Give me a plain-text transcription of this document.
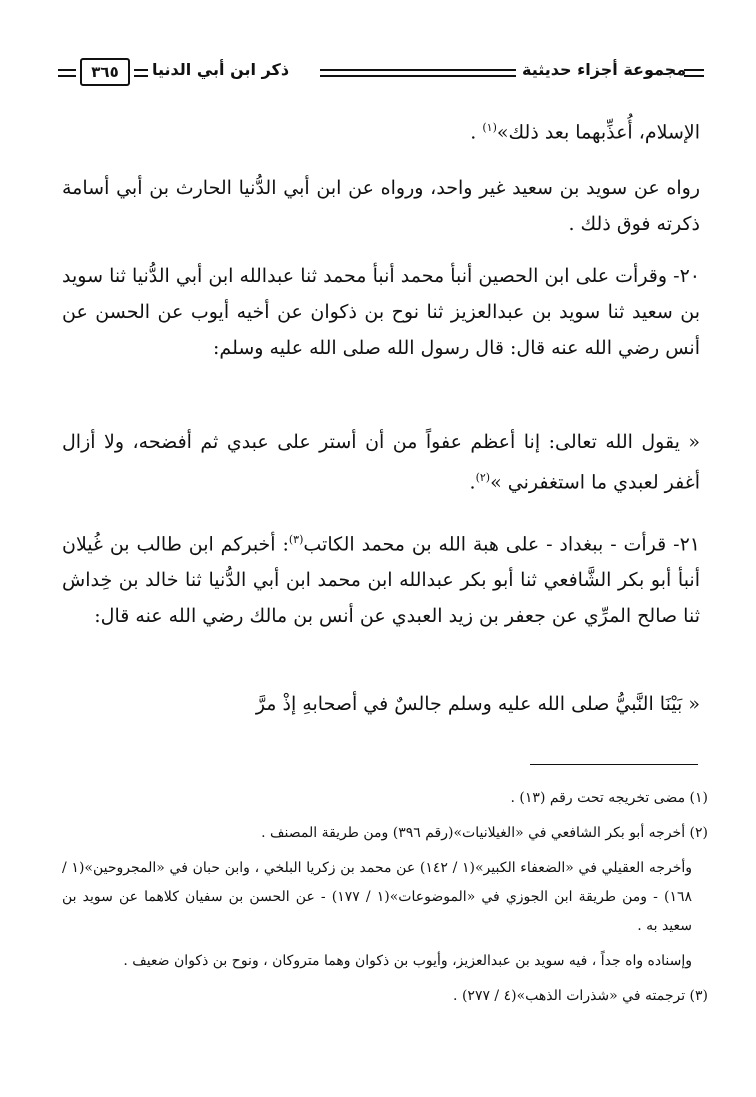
٣٦٥	ذكر ابن أبي الدنيا	مجموعة أجزاء حديثية
الإسلام، أُعذِّبهما بعد ذلك»$^{(١)}$ .
رواه عن سويد بن سعيد غير واحد، ورواه عن ابن أبي الدُّنيا الحارث بن أبي أسامة ذكرته فوق ذلك .
٢٠- وقرأت على ابن الحصين أنبأ محمد أنبأ محمد ثنا عبدالله ابن أبي الدُّنيا ثنا سويد بن سعيد ثنا سويد بن عبدالعزيز ثنا نوح بن ذكوان عن أخيه أيوب عن الحسن عن أنس رضي الله عنه قال: قال رسول الله صلى الله عليه وسلم:
« يقول الله تعالى: إنا أعظم عفواً من أن أستر على عبدي ثم أفضحه، ولا أزال أغفر لعبدي ما استغفرني »$^{(٢)}$.
٢١- قرأت - ببغداد - على هبة الله بن محمد الكاتب$^{(٣)}$: أخبركم ابن طالب بن غُيلان أنبأ أبو بكر الشَّافعي ثنا أبو بكر عبدالله ابن محمد ابن أبي الدُّنيا ثنا خالد بن خِداش ثنا صالح المرِّي عن جعفر بن زيد العبدي عن أنس بن مالك رضي الله عنه قال:
« بَيْنَا النَّبيُّ صلى الله عليه وسلم جالسٌ في أصحابهِ إذْ مرَّ
(١) مضى تخريجه تحت رقم (١٣) .
(٢) أخرجه أبو بكر الشافعي في «الغيلانيات»(رقم ٣٩٦) ومن طريقة المصنف .
وأخرجه العقيلي في «الضعفاء الكبير»(١ / ١٤٢) عن محمد بن زكريا البلخي ، وابن حبان في «المجروحين»(١ / ١٦٨) - ومن طريقة ابن الجوزي في «الموضوعات»(١ / ١٧٧) - عن الحسن بن سفيان كلاهما عن سويد بن سعيد به .
وإسناده واه جداً ، فيه سويد بن عبدالعزيز، وأيوب بن ذكوان وهما متروكان ، ونوح بن ذكوان ضعيف .
(٣) ترجمته في «شذرات الذهب»(٤ / ٢٧٧) .
